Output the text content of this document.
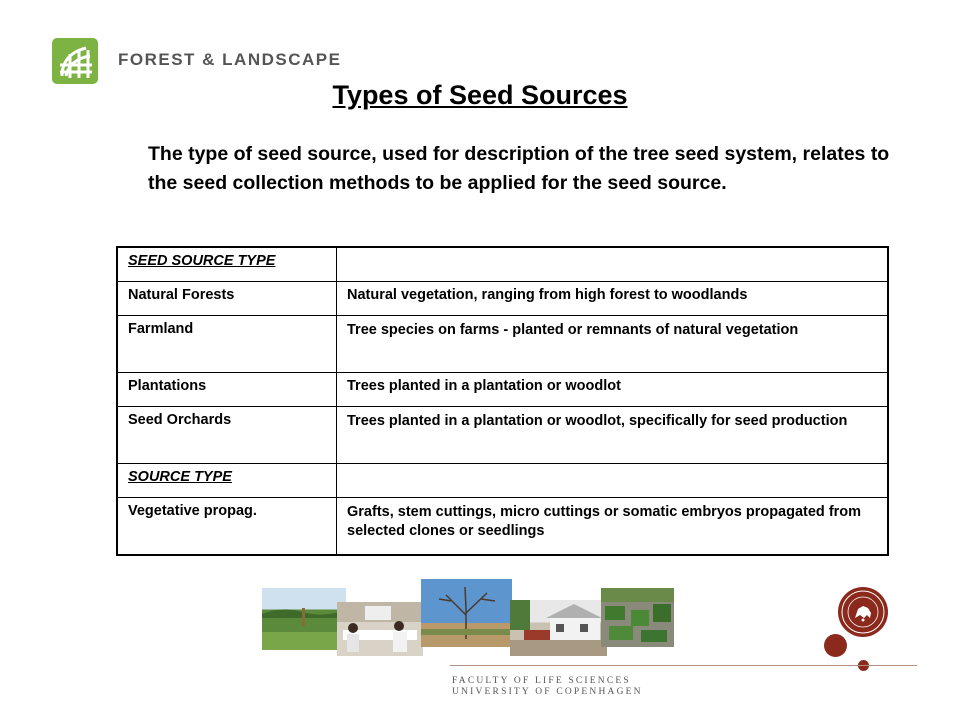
FOREST & LANDSCAPE
Types of Seed Sources

The type of seed source, used for description of the tree seed system, relates to the seed collection methods to be applied for the seed source.

SEED SOURCE TYPE	
Natural Forests	Natural vegetation, ranging from high forest to woodlands
Farmland	Tree species on farms - planted or remnants of natural vegetation
Plantations	Trees planted in a plantation or woodlot
Seed Orchards	Trees planted in a plantation or woodlot, specifically for seed production
SOURCE TYPE	
Vegetative propag.	Grafts, stem cuttings, micro cuttings or somatic embryos propagated from selected clones or seedlings
FACULTY OF LIFE SCIENCES
UNIVERSITY OF COPENHAGEN
